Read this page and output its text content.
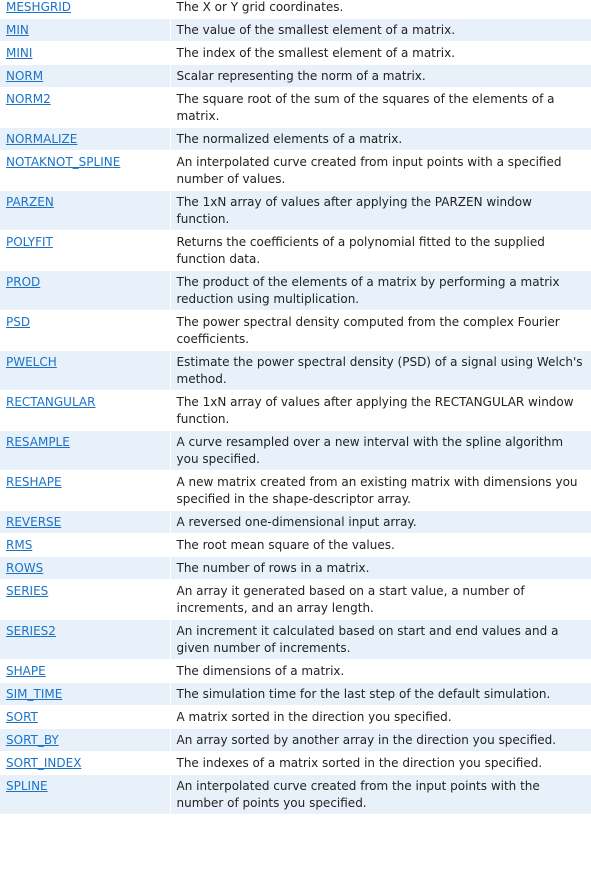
MESHGRID	The X or Y grid coordinates.
MIN	The value of the smallest element of a matrix.
MINI	The index of the smallest element of a matrix.
NORM	Scalar representing the norm of a matrix.
NORM2	The square root of the sum of the squares of the elements of a matrix.
NORMALIZE	The normalized elements of a matrix.
NOTAKNOT_SPLINE	An interpolated curve created from input points with a specified number of values.
PARZEN	The 1xN array of values after applying the PARZEN window function.
POLYFIT	Returns the coefficients of a polynomial fitted to the supplied function data.
PROD	The product of the elements of a matrix by performing a matrix reduction using multiplication.
PSD	The power spectral density computed from the complex Fourier coefficients.
PWELCH	Estimate the power spectral density (PSD) of a signal using Welch's method.
RECTANGULAR	The 1xN array of values after applying the RECTANGULAR window function.
RESAMPLE	A curve resampled over a new interval with the spline algorithm you specified.
RESHAPE	A new matrix created from an existing matrix with dimensions you specified in the shape-descriptor array.
REVERSE	A reversed one-dimensional input array.
RMS	The root mean square of the values.
ROWS	The number of rows in a matrix.
SERIES	An array it generated based on a start value, a number of increments, and an array length.
SERIES2	An increment it calculated based on start and end values and a given number of increments.
SHAPE	The dimensions of a matrix.
SIM_TIME	The simulation time for the last step of the default simulation.
SORT	A matrix sorted in the direction you specified.
SORT_BY	An array sorted by another array in the direction you specified.
SORT_INDEX	The indexes of a matrix sorted in the direction you specified.
SPLINE	An interpolated curve created from the input points with the number of points you specified.
